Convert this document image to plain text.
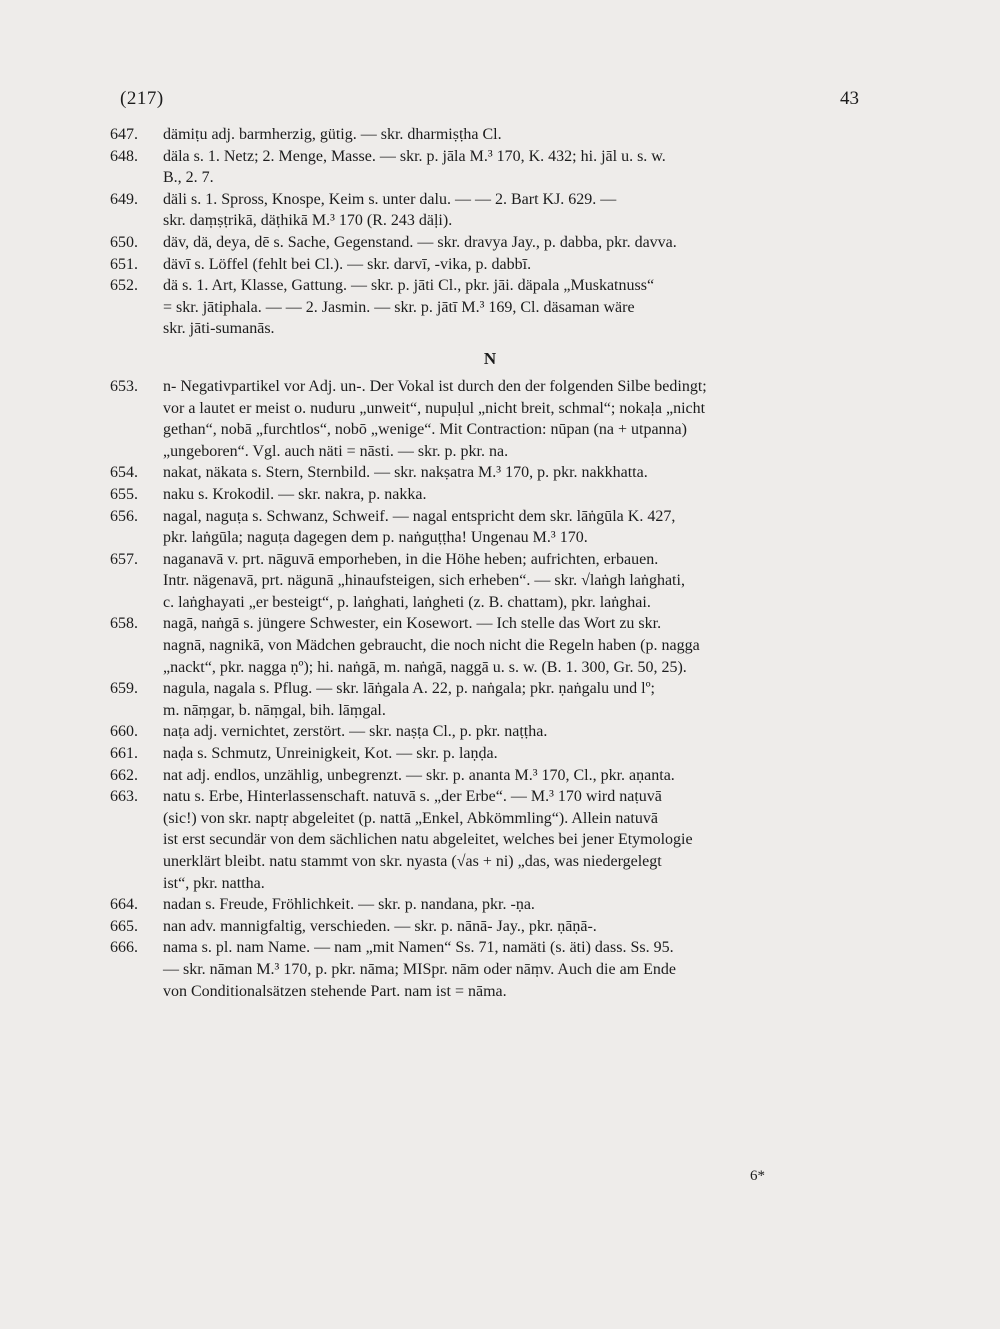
(217)	43
647.	dämiṭu adj. barmherzig, gütig. — skr. dharmiṣṭha Cl.

648.	däla s. 1. Netz; 2. Menge, Masse. — skr. p. jāla M.³ 170, K. 432; hi. jāl u. s. w.

B., 2. 7.

649.	däli s. 1. Spross, Knospe, Keim s. unter dalu. — — 2. Bart KJ. 629. —

skr. daṃṣṭrikā, däṭhikā M.³ 170 (R. 243 däḷi).

650.	däv, dä, deya, dē s. Sache, Gegenstand. — skr. dravya Jay., p. dabba, pkr. davva.

651.	dävī s. Löffel (fehlt bei Cl.). — skr. darvī, -vika, p. dabbī.

652.	dä s. 1. Art, Klasse, Gattung. — skr. p. jāti Cl., pkr. jāi. däpala „Muskatnuss“

= skr. jātiphala. — — 2. Jasmin. — skr. p. jātī M.³ 169, Cl. däsaman wäre

skr. jāti-sumanās.

N
653.	n- Negativpartikel vor Adj. un-. Der Vokal ist durch den der folgenden Silbe bedingt;

vor a lautet er meist o. nuduru „unweit“, nupuḷul „nicht breit, schmal“; nokaḷa „nicht

gethan“, nobā „furchtlos“, nobō „wenige“. Mit Contraction: nūpan (na + utpanna)

„ungeboren“. Vgl. auch näti = nāsti. — skr. p. pkr. na.

654.	nakat, näkata s. Stern, Sternbild. — skr. nakṣatra M.³ 170, p. pkr. nakkhatta.

655.	naku s. Krokodil. — skr. nakra, p. nakka.

656.	nagal, naguṭa s. Schwanz, Schweif. — nagal entspricht dem skr. lāṅgūla K. 427,

pkr. laṅgūla; naguṭa dagegen dem p. naṅguṭṭha! Ungenau M.³ 170.

657.	naganavā v. prt. nāguvā emporheben, in die Höhe heben; aufrichten, erbauen.

Intr. nägenavā, prt. nägunā „hinaufsteigen, sich erheben“. — skr. √laṅgh laṅghati,

c. laṅghayati „er besteigt“, p. laṅghati, laṅgheti (z. B. chattam), pkr. laṅghai.

658.	nagā, naṅgā s. jüngere Schwester, ein Kosewort. — Ich stelle das Wort zu skr.

nagnā, nagnikā, von Mädchen gebraucht, die noch nicht die Regeln haben (p. nagga

„nackt“, pkr. nagga ṇº); hi. naṅgā, m. naṅgā, naggā u. s. w. (B. 1. 300, Gr. 50, 25).

659.	nagula, nagala s. Pflug. — skr. lāṅgala A. 22, p. naṅgala; pkr. ṇaṅgalu und lº;

m. nāṃgar, b. nāṃgal, bih. lāṃgal.

660.	naṭa adj. vernichtet, zerstört. — skr. naṣṭa Cl., p. pkr. naṭṭha.

661.	naḍa s. Schmutz, Unreinigkeit, Kot. — skr. p. laṇḍa.

662.	nat adj. endlos, unzählig, unbegrenzt. — skr. p. ananta M.³ 170, Cl., pkr. aṇanta.

663.	natu s. Erbe, Hinterlassenschaft. natuvā s. „der Erbe“. — M.³ 170 wird naṭuvā

(sic!) von skr. naptṛ abgeleitet (p. nattā „Enkel, Abkömmling“). Allein natuvā

ist erst secundär von dem sächlichen natu abgeleitet, welches bei jener Etymologie

unerklärt bleibt. natu stammt von skr. nyasta (√as + ni) „das, was niedergelegt

ist“, pkr. nattha.

664.	nadan s. Freude, Fröhlichkeit. — skr. p. nandana, pkr. -ṇa.

665.	nan adv. mannigfaltig, verschieden. — skr. p. nānā- Jay., pkr. ṇāṇā-.

666.	nama s. pl. nam Name. — nam „mit Namen“ Ss. 71, namäti (s. äti) dass. Ss. 95.

— skr. nāman M.³ 170, p. pkr. nāma; MISpr. nām oder nāṃv. Auch die am Ende

von Conditionalsätzen stehende Part. nam ist = nāma.

6*
